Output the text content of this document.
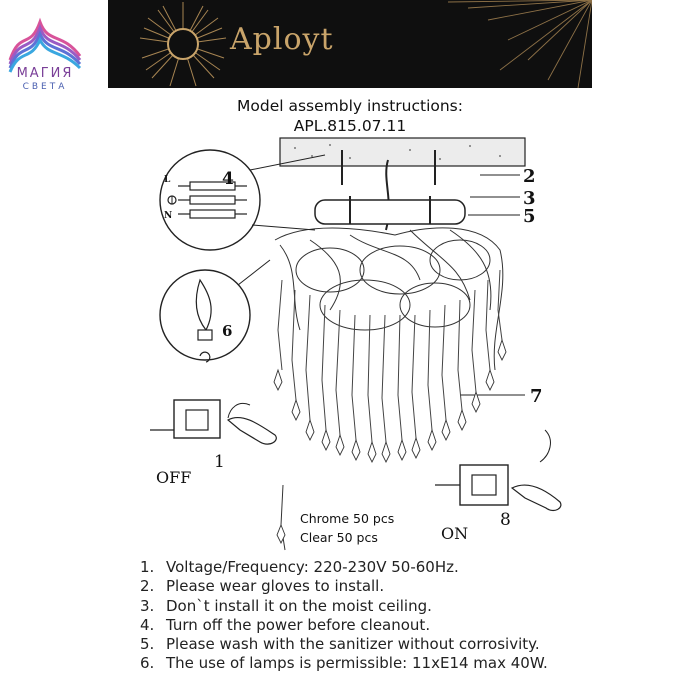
МАГИЯ
СВЕТА
Aployt
Model assembly instructions:
APL.815.07.11
2
3
5
4
6
7
1
8
L
N
OFF
ON
Chrome 50 pcs
Clear 50 pcs
1. Voltage/Frequency: 220-230V 50-60Hz.
2. Please wear gloves to install.
3. Don`t install it on the moist ceiling.
4. Turn off the power before cleanout.
5. Please wash with the sanitizer without corrosivity.
6. The use of lamps is permissible: 11xE14 max 40W.
